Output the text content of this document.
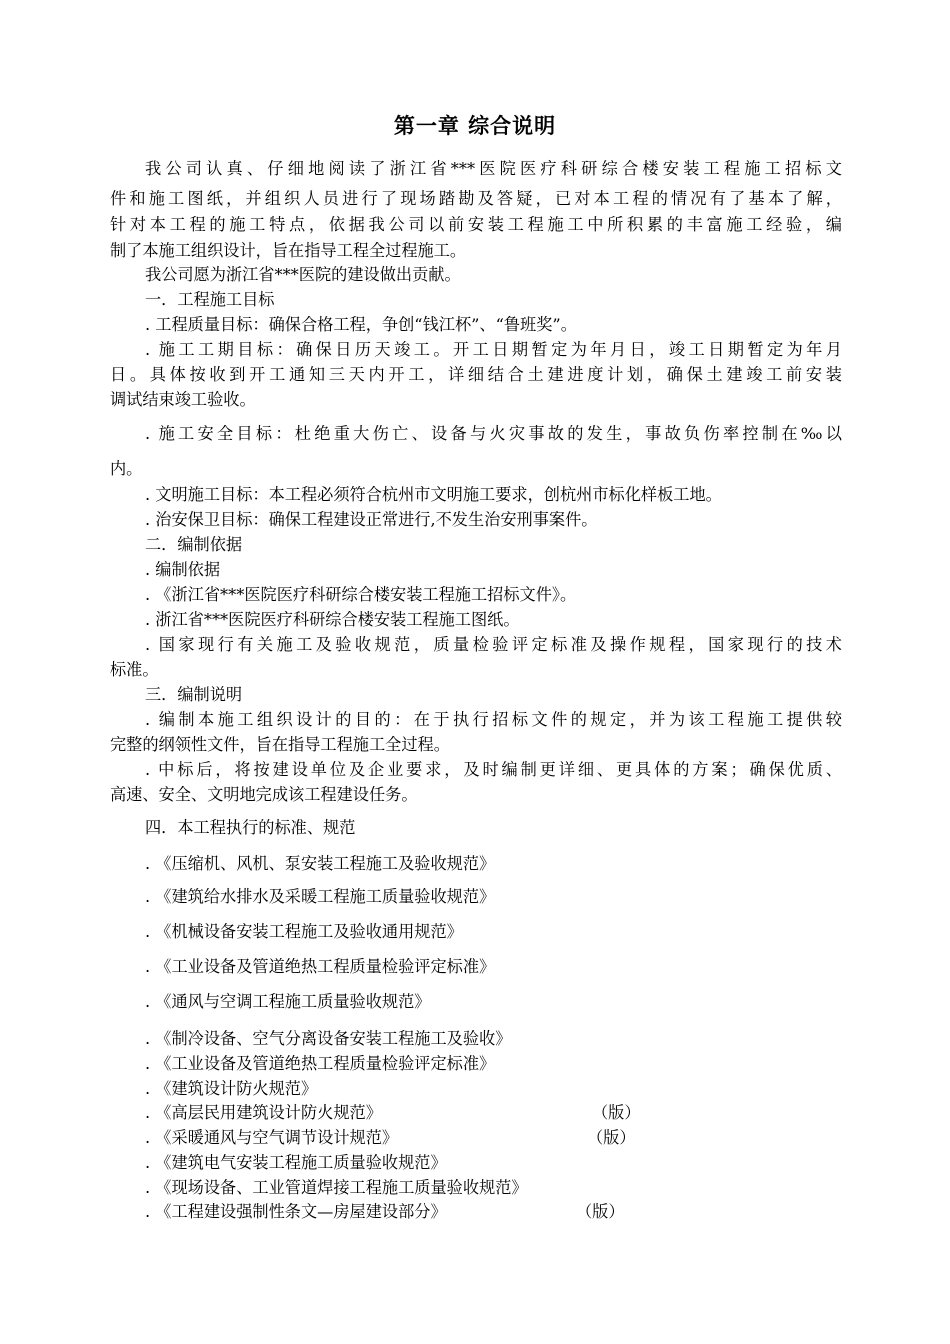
第一章 综合说明
我公司认真、仔细地阅读了浙江省***医院医疗科研综合楼安装工程施工招标文
件和施工图纸，并组织人员进行了现场踏勘及答疑，已对本工程的情况有了基本了解，
针对本工程的施工特点，依据我公司以前安装工程施工中所积累的丰富施工经验，编
制了本施工组织设计，旨在指导工程全过程施工。
我公司愿为浙江省***医院的建设做出贡献。
一．工程施工目标
. 工程质量目标：确保合格工程，争创“钱江杯”、“鲁班奖”。
. 施工工期目标：确保日历天竣工。开工日期暂定为年月日，竣工日期暂定为年月
日。具体按收到开工通知三天内开工，详细结合土建进度计划，确保土建竣工前安装
调试结束竣工验收。
. 施工安全目标：杜绝重大伤亡、设备与火灾事故的发生，事故负伤率控制在‰以
内。
. 文明施工目标：本工程必须符合杭州市文明施工要求，创杭州市标化样板工地。
. 治安保卫目标：确保工程建设正常进行,不发生治安刑事案件。
二．编制依据
. 编制依据
. 《浙江省***医院医疗科研综合楼安装工程施工招标文件》。
. 浙江省***医院医疗科研综合楼安装工程施工图纸。
. 国家现行有关施工及验收规范，质量检验评定标准及操作规程，国家现行的技术
标准。
三．编制说明
. 编制本施工组织设计的目的：在于执行招标文件的规定，并为该工程施工提供较
完整的纲领性文件，旨在指导工程施工全过程。
. 中标后，将按建设单位及企业要求，及时编制更详细、更具体的方案；确保优质、
高速、安全、文明地完成该工程建设任务。
四．本工程执行的标准、规范
. 《压缩机、风机、泵安装工程施工及验收规范》
. 《建筑给水排水及采暖工程施工质量验收规范》
. 《机械设备安装工程施工及验收通用规范》
. 《工业设备及管道绝热工程质量检验评定标准》
. 《通风与空调工程施工质量验收规范》
. 《制冷设备、空气分离设备安装工程施工及验收》
. 《工业设备及管道绝热工程质量检验评定标准》
. 《建筑设计防火规范》
. 《高层民用建筑设计防火规范》	（版）
. 《采暖通风与空气调节设计规范》	（版）
. 《建筑电气安装工程施工质量验收规范》
. 《现场设备、工业管道焊接工程施工质量验收规范》
. 《工程建设强制性条文—房屋建设部分》	（版）
